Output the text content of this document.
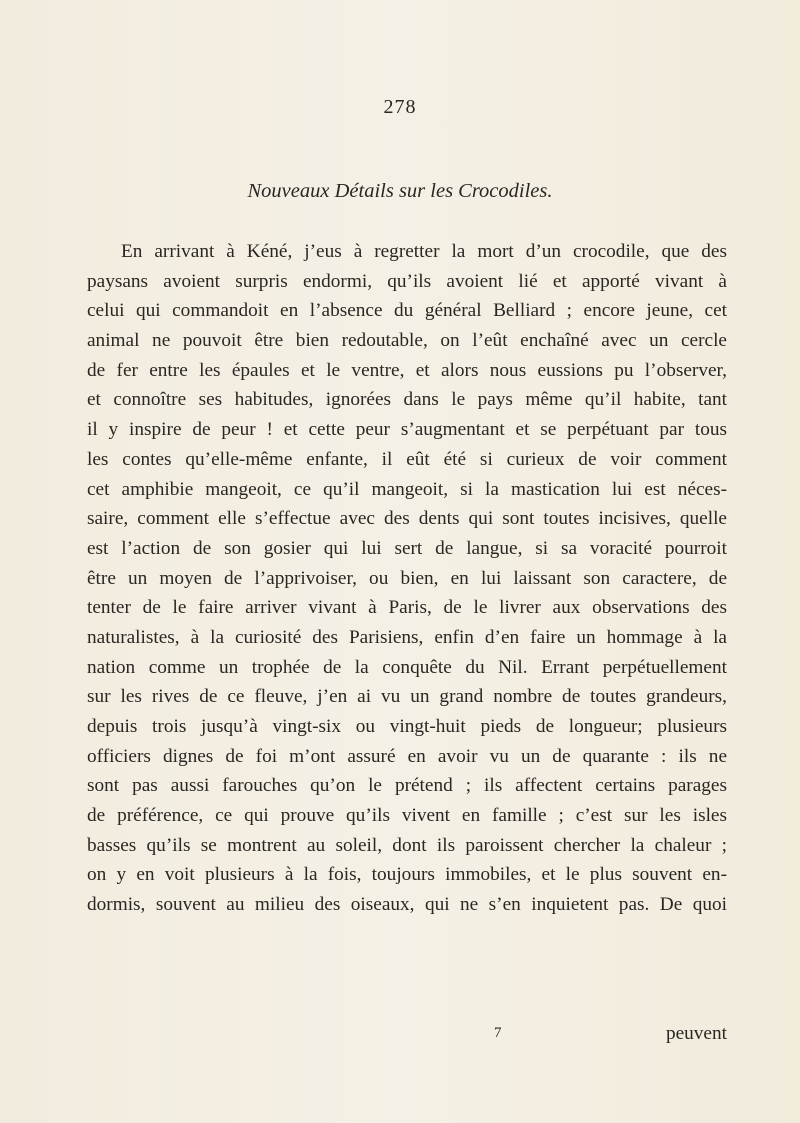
278
Nouveaux Détails sur les Crocodiles.
En arrivant à Kéné, j’eus à regretter la mort d’un crocodile, que des
paysans avoient surpris endormi, qu’ils avoient lié et apporté vivant à
celui qui commandoit en l’absence du général Belliard ; encore jeune, cet
animal ne pouvoit être bien redoutable, on l’eût enchaîné avec un cercle
de fer entre les épaules et le ventre, et alors nous eussions pu l’observer,
et connoître ses habitudes, ignorées dans le pays même qu’il habite, tant
il y inspire de peur ! et cette peur s’augmentant et se perpétuant par tous
les contes qu’elle-même enfante, il eût été si curieux de voir comment
cet amphibie mangeoit, ce qu’il mangeoit, si la mastication lui est néces-
saire, comment elle s’effectue avec des dents qui sont toutes incisives, quelle
est l’action de son gosier qui lui sert de langue, si sa voracité pourroit
être un moyen de l’apprivoiser, ou bien, en lui laissant son caractere, de
tenter de le faire arriver vivant à Paris, de le livrer aux observations des
naturalistes, à la curiosité des Parisiens, enfin d’en faire un hommage à la
nation comme un trophée de la conquête du Nil. Errant perpétuellement
sur les rives de ce fleuve, j’en ai vu un grand nombre de toutes grandeurs,
depuis trois jusqu’à vingt-six ou vingt-huit pieds de longueur; plusieurs
officiers dignes de foi m’ont assuré en avoir vu un de quarante : ils ne
sont pas aussi farouches qu’on le prétend ; ils affectent certains parages
de préférence, ce qui prouve qu’ils vivent en famille ; c’est sur les isles
basses qu’ils se montrent au soleil, dont ils paroissent chercher la chaleur ;
on y en voit plusieurs à la fois, toujours immobiles, et le plus souvent en-
dormis, souvent au milieu des oiseaux, qui ne s’en inquietent pas. De quoi
7	peuvent
